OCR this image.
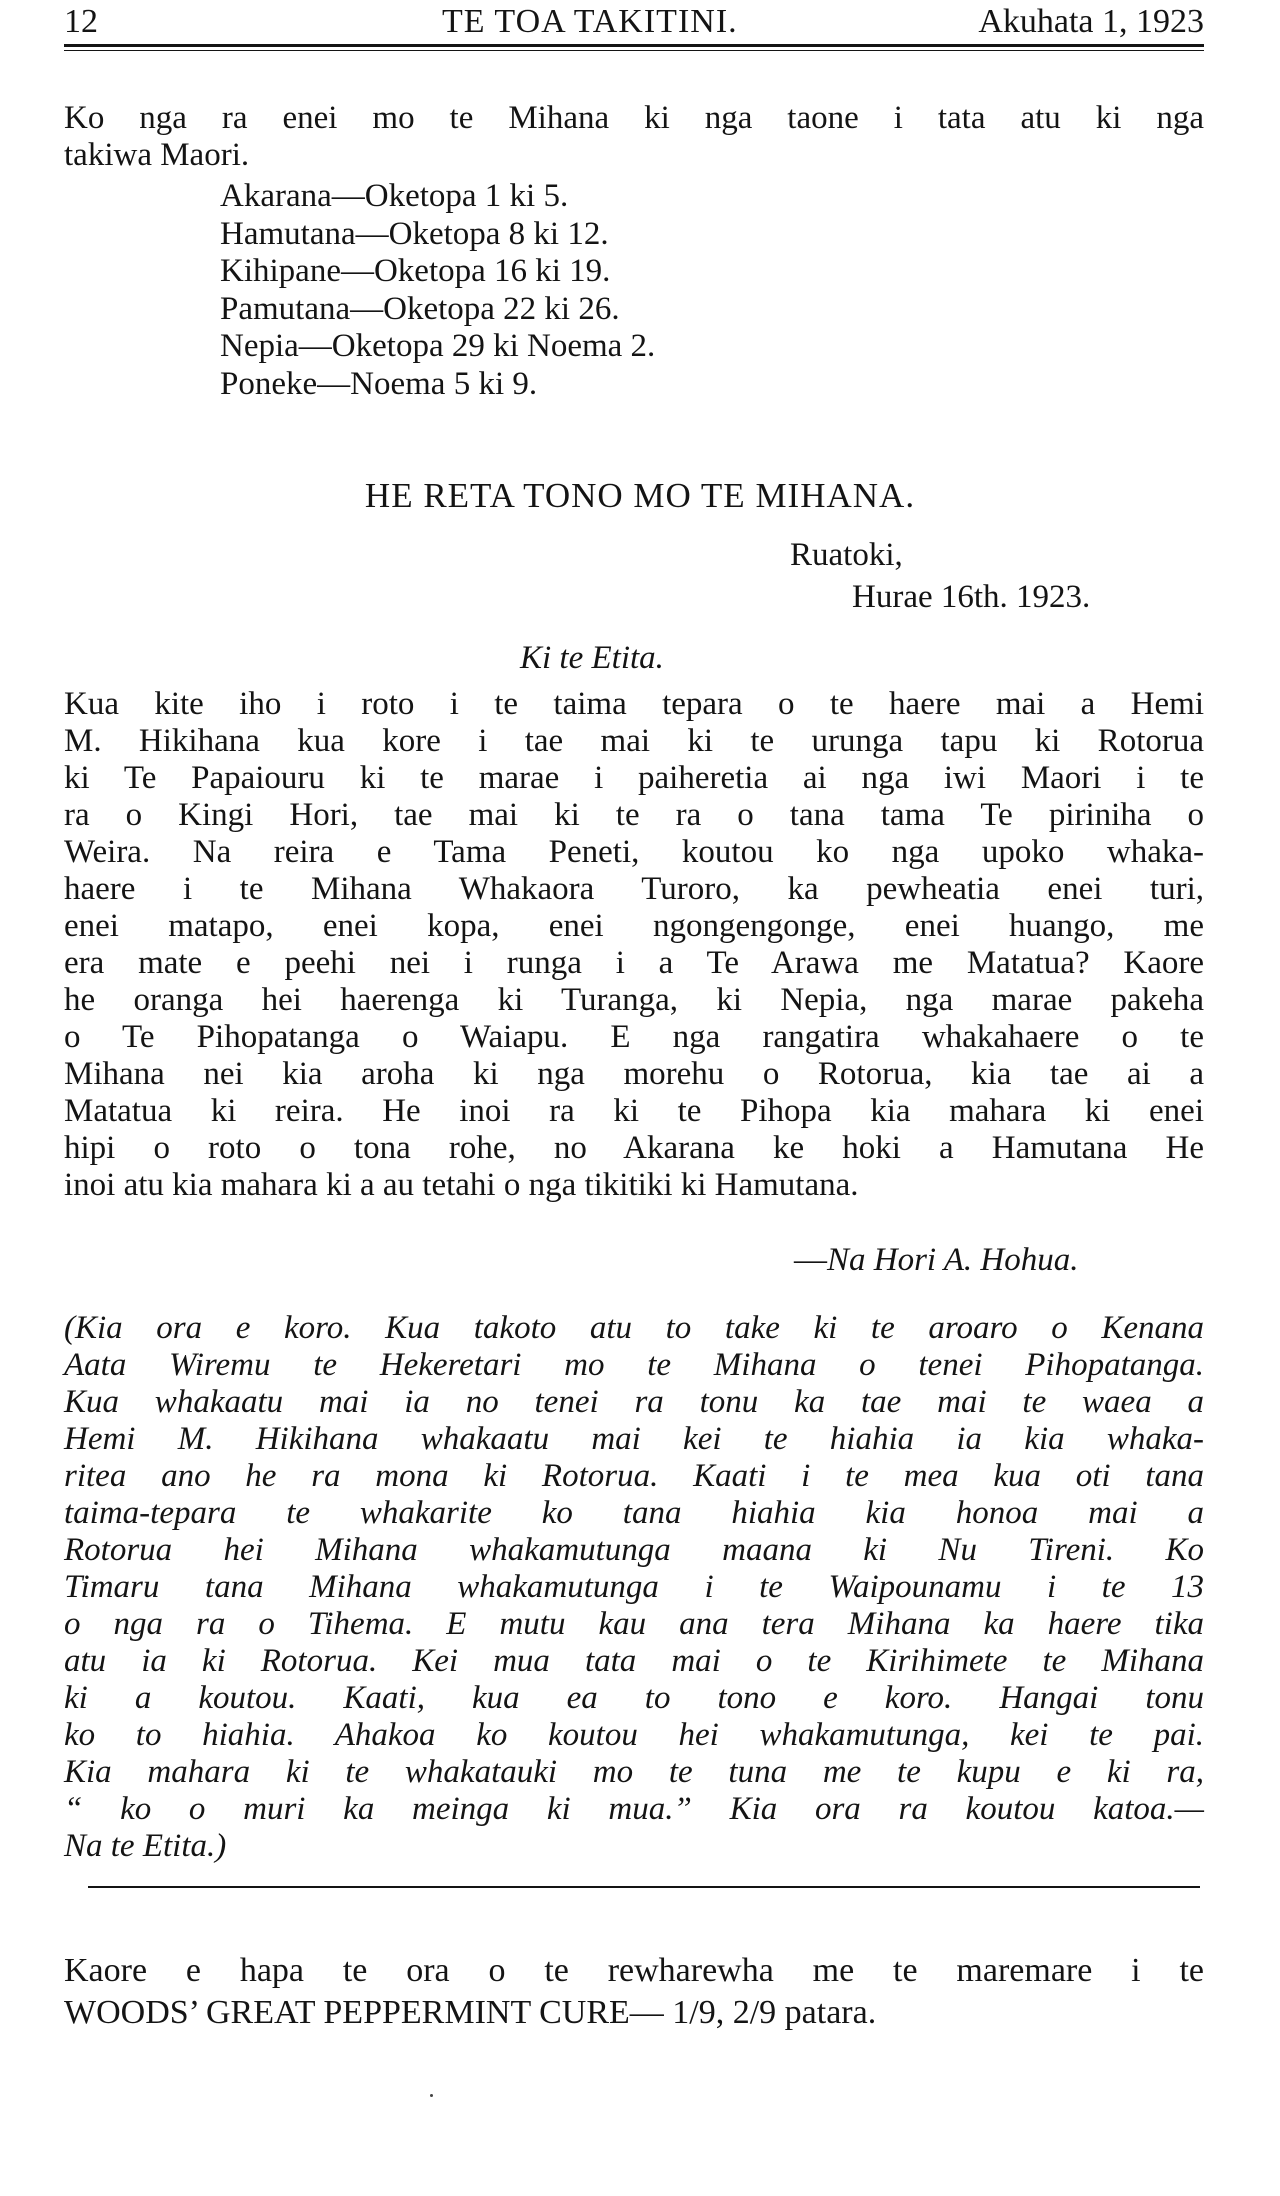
12	TE TOA TAKITINI.	Akuhata 1, 1923
Ko nga ra enei mo te Mihana ki nga taone i tata atu ki nga
takiwa Maori.
Akarana—Oketopa 1 ki 5.
Hamutana—Oketopa 8 ki 12.
Kihipane—Oketopa 16 ki 19.
Pamutana—Oketopa 22 ki 26.
Nepia—Oketopa 29 ki Noema 2.
Poneke—Noema 5 ki 9.
HE RETA TONO MO TE MIHANA.
Ruatoki,
Hurae 16th. 1923.
Ki te Etita.
Kua kite iho i roto i te taima tepara o te haere mai a Hemi
M. Hikihana kua kore i tae mai ki te urunga tapu ki Rotorua
ki Te Papaiouru ki te marae i paiheretia ai nga iwi Maori i te
ra o Kingi Hori, tae mai ki te ra o tana tama Te piriniha o
Weira. Na reira e Tama Peneti, koutou ko nga upoko whaka-
haere i te Mihana Whakaora Turoro, ka pewheatia enei turi,
enei matapo, enei kopa, enei ngongengonge, enei huango, me
era mate e peehi nei i runga i a Te Arawa me Matatua? Kaore
he oranga hei haerenga ki Turanga, ki Nepia, nga marae pakeha
o Te Pihopatanga o Waiapu. E nga rangatira whakahaere o te
Mihana nei kia aroha ki nga morehu o Rotorua, kia tae ai a
Matatua ki reira. He inoi ra ki te Pihopa kia mahara ki enei
hipi o roto o tona rohe, no Akarana ke hoki a Hamutana He
inoi atu kia mahara ki a au tetahi o nga tikitiki ki Hamutana.
—Na Hori A. Hohua.
(Kia ora e koro. Kua takoto atu to take ki te aroaro o Kenana
Aata Wiremu te Hekeretari mo te Mihana o tenei Pihopatanga.
Kua whakaatu mai ia no tenei ra tonu ka tae mai te waea a
Hemi M. Hikihana whakaatu mai kei te hiahia ia kia whaka-
ritea ano he ra mona ki Rotorua. Kaati i te mea kua oti tana
taima-tepara te whakarite ko tana hiahia kia honoa mai a
Rotorua hei Mihana whakamutunga maana ki Nu Tireni. Ko
Timaru tana Mihana whakamutunga i te Waipounamu i te 13
o nga ra o Tihema. E mutu kau ana tera Mihana ka haere tika
atu ia ki Rotorua. Kei mua tata mai o te Kirihimete te Mihana
ki a koutou. Kaati, kua ea to tono e koro. Hangai tonu
ko to hiahia. Ahakoa ko koutou hei whakamutunga, kei te pai.
Kia mahara ki te whakatauki mo te tuna me te kupu e ki ra,
“ ko o muri ka meinga ki mua.” Kia ora ra koutou katoa.—
Na te Etita.)
Kaore e hapa te ora o te rewharewha me te maremare i te
WOODS’ GREAT PEPPERMINT CURE— 1/9, 2/9 patara.
